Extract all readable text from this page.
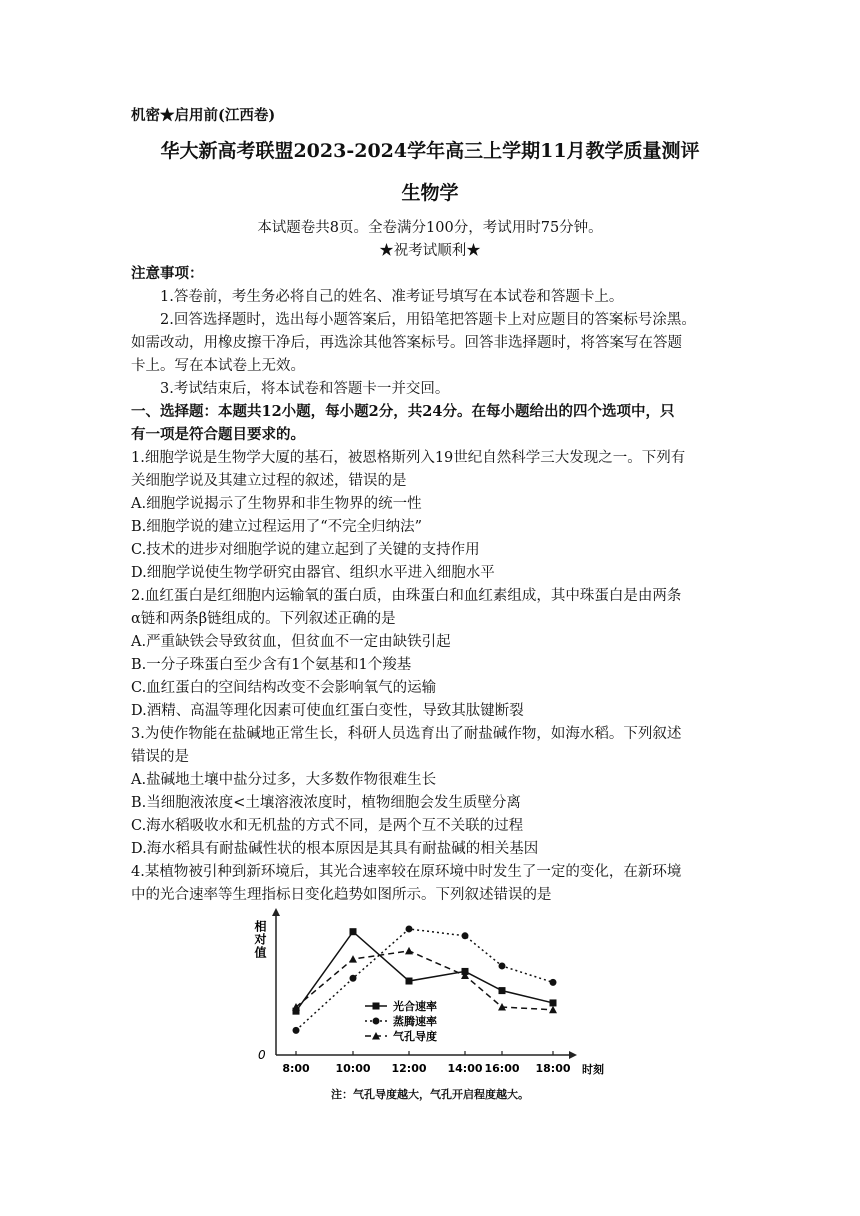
机密★启用前(江西卷)
华大新高考联盟2023-2024学年高三上学期11月教学质量测评
生物学
本试题卷共8页。全卷满分100分，考试用时75分钟。
★祝考试顺利★
注意事项：
1.答卷前，考生务必将自己的姓名、准考证号填写在本试卷和答题卡上。
2.回答选择题时，选出每小题答案后，用铅笔把答题卡上对应题目的答案标号涂黑。
如需改动，用橡皮擦干净后，再选涂其他答案标号。回答非选择题时，将答案写在答题
卡上。写在本试卷上无效。
3.考试结束后，将本试卷和答题卡一并交回。
一、选择题：本题共12小题，每小题2分，共24分。在每小题给出的四个选项中，只
有一项是符合题目要求的。
1.细胞学说是生物学大厦的基石，被恩格斯列入19世纪自然科学三大发现之一。下列有
关细胞学说及其建立过程的叙述，错误的是
A.细胞学说揭示了生物界和非生物界的统一性
B.细胞学说的建立过程运用了“不完全归纳法”
C.技术的进步对细胞学说的建立起到了关键的支持作用
D.细胞学说使生物学研究由器官、组织水平进入细胞水平
2.血红蛋白是红细胞内运输氧的蛋白质，由珠蛋白和血红素组成，其中珠蛋白是由两条
α链和两条β链组成的。下列叙述正确的是
A.严重缺铁会导致贫血，但贫血不一定由缺铁引起
B.一分子珠蛋白至少含有1个氨基和1个羧基
C.血红蛋白的空间结构改变不会影响氧气的运输
D.酒精、高温等理化因素可使血红蛋白变性，导致其肽键断裂
3.为使作物能在盐碱地正常生长，科研人员选育出了耐盐碱作物，如海水稻。下列叙述
错误的是
A.盐碱地土壤中盐分过多，大多数作物很难生长
B.当细胞液浓度<土壤溶液浓度时，植物细胞会发生质壁分离
C.海水稻吸收水和无机盐的方式不同，是两个互不关联的过程
D.海水稻具有耐盐碱性状的根本原因是其具有耐盐碱的相关基因
4.某植物被引种到新环境后，其光合速率较在原环境中时发生了一定的变化，在新环境
中的光合速率等生理指标日变化趋势如图所示。下列叙述错误的是
相对值
0
8:00 10:00 12:00 14:00 16:00 18:00 时刻
光合速率
蒸腾速率
气孔导度
注：气孔导度越大，气孔开启程度越大。
